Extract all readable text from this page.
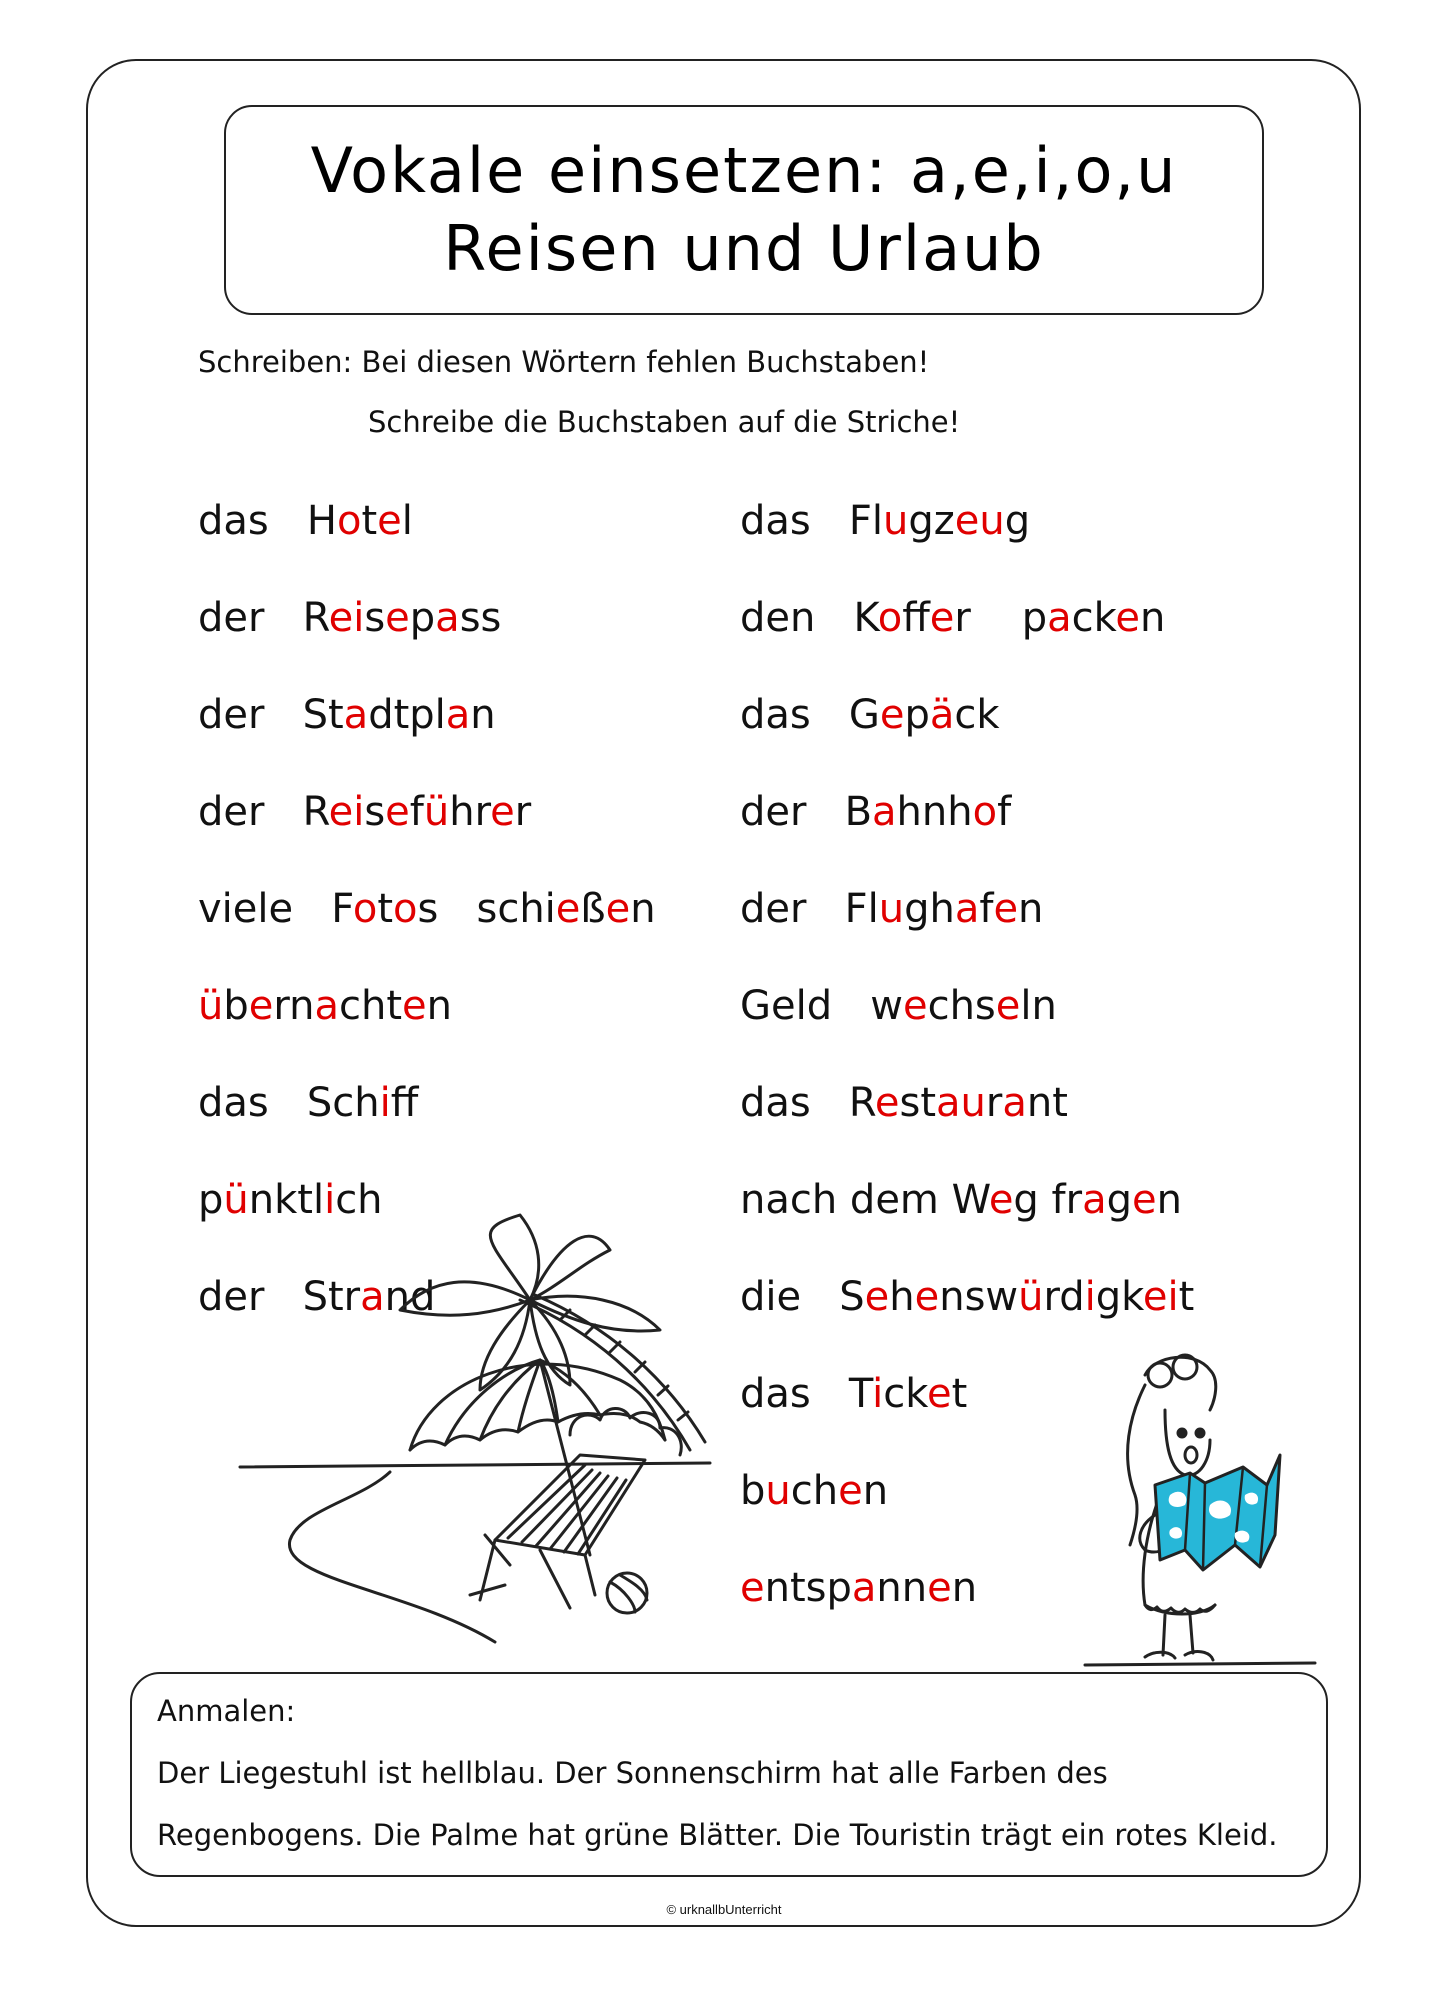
Vokale einsetzen: a,e,i,o,u
Reisen und Urlaub
Schreiben: Bei diesen Wörtern fehlen Buchstaben!
Schreibe die Buchstaben auf die Striche!
das   Hotel
der   Reisepass
der   Stadtplan
der   Reiseführer
viele   Fotos   schießen
übernachten
das   Schiff
pünktlich
der   Strand
das   Flugzeug
den   Koffer    packen
das   Gepäck
der   Bahnhof
der   Flughafen
Geld   wechseln
das   Restaurant
nach dem Weg fragen
die   Sehenswürdigkeit
das   Ticket
buchen
entspannen
Anmalen:
Der Liegestuhl ist hellblau. Der Sonnenschirm hat alle Farben des
Regenbogens. Die Palme hat grüne Blätter. Die Touristin trägt ein rotes Kleid.
© urknallbUnterricht
